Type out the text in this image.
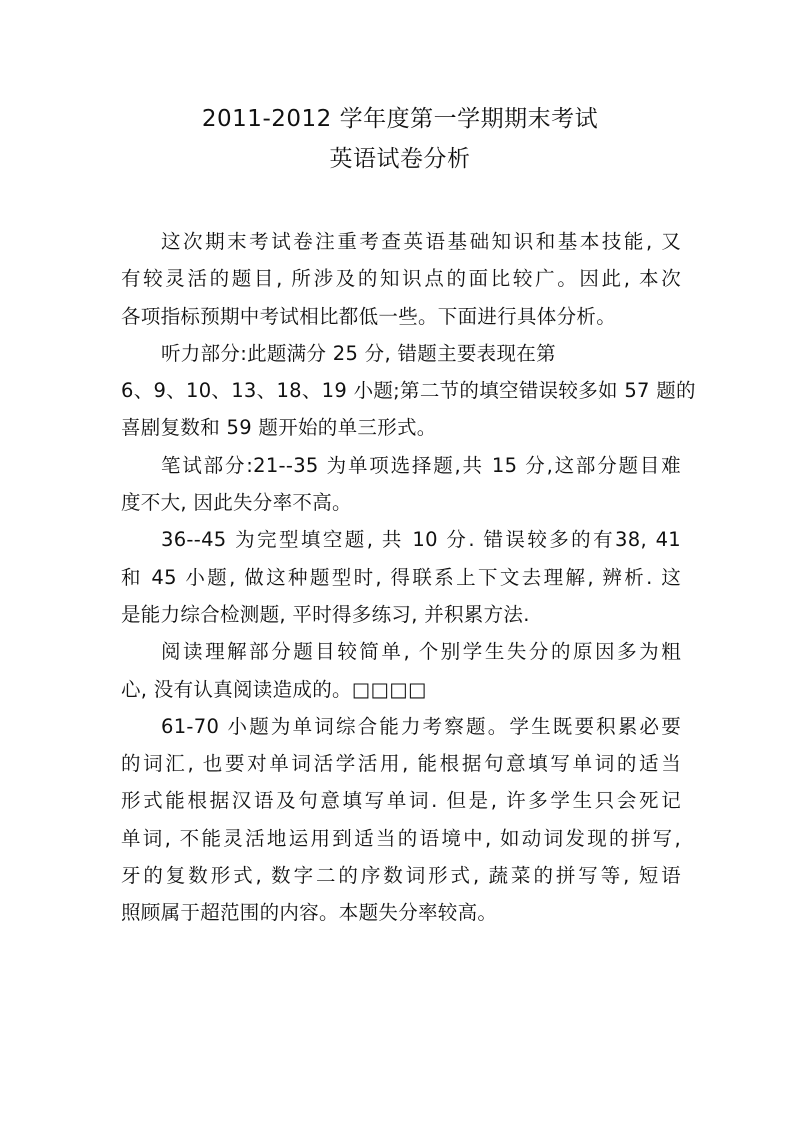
2011-2012 学年度第一学期期末考试
英语试卷分析
这次期末考试卷注重考查英语基础知识和基本技能, 又
有较灵活的题目, 所涉及的知识点的面比较广。因此, 本次
各项指标预期中考试相比都低一些。下面进行具体分析。
听力部分:此题满分 25 分, 错题主要表现在第
6、9、10、13、18、19 小题;第二节的填空错误较多如 57 题的
喜剧复数和 59 题开始的单三形式。
笔试部分:21--35 为单项选择题,共 15 分,这部分题目难
度不大, 因此失分率不高。
36--45 为完型填空题, 共 10 分. 错误较多的有38, 41
和 45 小题, 做这种题型时, 得联系上下文去理解, 辨析. 这
是能力综合检测题, 平时得多练习, 并积累方法.
阅读理解部分题目较简单, 个别学生失分的原因多为粗
心, 没有认真阅读造成的。□□□□
61-70 小题为单词综合能力考察题。学生既要积累必要
的词汇, 也要对单词活学活用, 能根据句意填写单词的适当
形式能根据汉语及句意填写单词. 但是, 许多学生只会死记
单词, 不能灵活地运用到适当的语境中, 如动词发现的拼写,
牙的复数形式, 数字二的序数词形式, 蔬菜的拼写等, 短语
照顾属于超范围的内容。本题失分率较高。
